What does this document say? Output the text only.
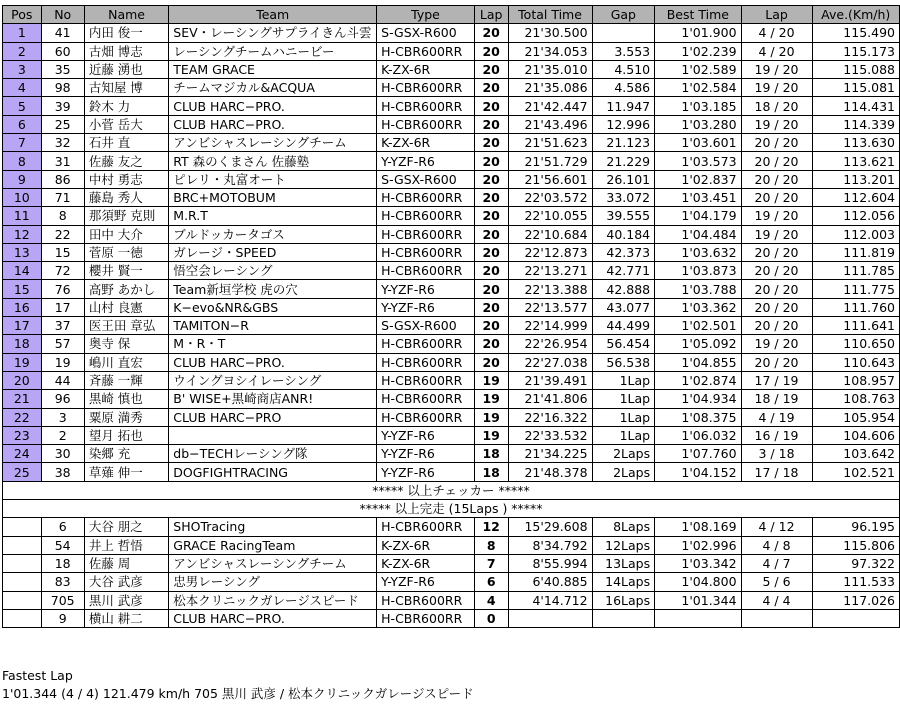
Pos	No	Name	Team	Type	Lap	Total Time	Gap	Best Time	Lap	Ave.(Km/h)
1	41	内田 俊一	SEV・レーシングサプライきん斗雲	S-GSX-R600	20	21'30.500		1'01.900	4 / 20	115.490
2	60	古畑 博志	レーシングチームハニービー	H-CBR600RR	20	21'34.053	3.553	1'02.239	4 / 20	115.173
3	35	近藤 湧也	TEAM GRACE	K-ZX-6R	20	21'35.010	4.510	1'02.589	19 / 20	115.088
4	98	古知屋 博	チームマジカル&ACQUA	H-CBR600RR	20	21'35.086	4.586	1'02.584	19 / 20	115.081
5	39	鈴木 力	CLUB HARC−PRO.	H-CBR600RR	20	21'42.447	11.947	1'03.185	18 / 20	114.431
6	25	小菅 岳大	CLUB HARC−PRO.	H-CBR600RR	20	21'43.496	12.996	1'03.280	19 / 20	114.339
7	32	石井 直	アンビシャスレーシングチーム	K-ZX-6R	20	21'51.623	21.123	1'03.601	20 / 20	113.630
8	31	佐藤 友之	RT 森のくまさん 佐藤塾	Y-YZF-R6	20	21'51.729	21.229	1'03.573	20 / 20	113.621
9	86	中村 勇志	ピレリ・丸富オート	S-GSX-R600	20	21'56.601	26.101	1'02.837	20 / 20	113.201
10	71	藤島 秀人	BRC+MOTOBUM	H-CBR600RR	20	22'03.572	33.072	1'03.451	20 / 20	112.604
11	8	那須野 克則	M.R.T	H-CBR600RR	20	22'10.055	39.555	1'04.179	19 / 20	112.056
12	22	田中 大介	ブルドッカータゴス	H-CBR600RR	20	22'10.684	40.184	1'04.484	19 / 20	112.003
13	15	菅原 一徳	ガレージ・SPEED	H-CBR600RR	20	22'12.873	42.373	1'03.632	20 / 20	111.819
14	72	櫻井 賢一	悟空会レーシング	H-CBR600RR	20	22'13.271	42.771	1'03.873	20 / 20	111.785
15	76	高野 あかし	Team新垣学校 虎の穴	Y-YZF-R6	20	22'13.388	42.888	1'03.788	20 / 20	111.775
16	17	山村 良憲	K−evo&NR&GBS	Y-YZF-R6	20	22'13.577	43.077	1'03.362	20 / 20	111.760
17	37	医王田 章弘	TAMITON−R	S-GSX-R600	20	22'14.999	44.499	1'02.501	20 / 20	111.641
18	57	奥寺 保	M・R・T	H-CBR600RR	20	22'26.954	56.454	1'05.092	19 / 20	110.650
19	19	嶋川 直宏	CLUB HARC−PRO.	H-CBR600RR	20	22'27.038	56.538	1'04.855	20 / 20	110.643
20	44	斉藤 一輝	ウイングヨシイレーシング	H-CBR600RR	19	21'39.491	1Lap	1'02.874	17 / 19	108.957
21	96	黒崎 慎也	B' WISE+黒崎商店ANR!	H-CBR600RR	19	21'41.806	1Lap	1'04.934	18 / 19	108.763
22	3	粟原 満秀	CLUB HARC−PRO	H-CBR600RR	19	22'16.322	1Lap	1'08.375	4 / 19	105.954
23	2	望月 拓也		Y-YZF-R6	19	22'33.532	1Lap	1'06.032	16 / 19	104.606
24	30	染郷 充	db−TECHレーシング隊	Y-YZF-R6	18	21'34.225	2Laps	1'07.760	3 / 18	103.642
25	38	草薙 伸一	DOGFIGHTRACING	Y-YZF-R6	18	21'48.378	2Laps	1'04.152	17 / 18	102.521
***** 以上チェッカー *****										
***** 以上完走 (15Laps ) *****										
	6	大谷 朋之	SHOTracing	H-CBR600RR	12	15'29.608	8Laps	1'08.169	4 / 12	96.195
	54	井上 哲悟	GRACE RacingTeam	K-ZX-6R	8	8'34.792	12Laps	1'02.996	4 / 8	115.806
	18	佐藤 周	アンビシャスレーシングチーム	K-ZX-6R	7	8'55.994	13Laps	1'03.342	4 / 7	97.322
	83	大谷 武彦	忠男レーシング	Y-YZF-R6	6	6'40.885	14Laps	1'04.800	5 / 6	111.533
	705	黒川 武彦	松本クリニックガレージスピード	H-CBR600RR	4	4'14.712	16Laps	1'01.344	4 / 4	117.026
	9	横山 耕二	CLUB HARC−PRO.	H-CBR600RR	0					
Fastest Lap
1'01.344 (4 / 4) 121.479 km/h 705 黒川 武彦 / 松本クリニックガレージスピード
